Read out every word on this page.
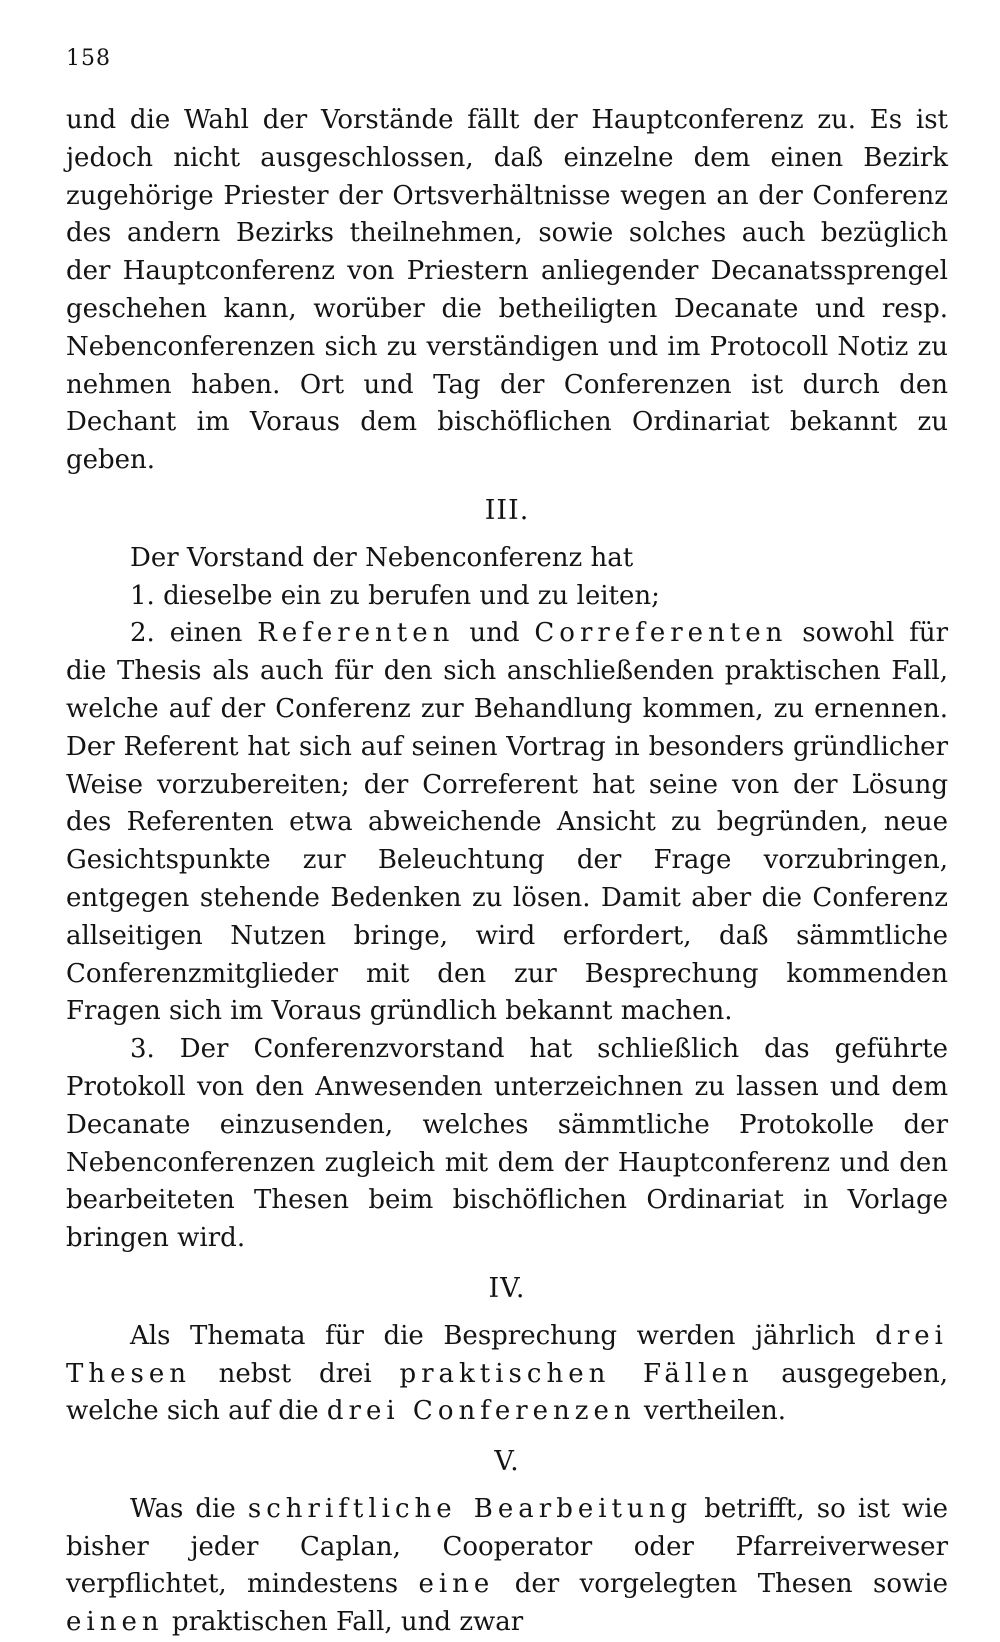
158

und die Wahl der Vorstände fällt der Hauptconferenz zu. Es ist jedoch nicht ausgeschlossen, daß einzelne dem einen Bezirk zugehörige Priester der Ortsverhältnisse wegen an der Conferenz des andern Bezirks theilnehmen, sowie solches auch bezüglich der Hauptconferenz von Priestern anliegender Decanatssprengel geschehen kann, worüber die betheiligten Decanate und resp. Nebenconferenzen sich zu verständigen und im Protocoll Notiz zu nehmen haben. Ort und Tag der Conferenzen ist durch den Dechant im Voraus dem bischöflichen Ordinariat bekannt zu geben.

III.

Der Vorstand der Nebenconferenz hat

1. dieselbe ein zu berufen und zu leiten;

2. einen Referenten und Correferenten sowohl für die Thesis als auch für den sich anschließenden praktischen Fall, welche auf der Conferenz zur Behandlung kommen, zu ernennen. Der Referent hat sich auf seinen Vortrag in besonders gründlicher Weise vorzubereiten; der Correferent hat seine von der Lösung des Referenten etwa abweichende Ansicht zu begründen, neue Gesichtspunkte zur Beleuchtung der Frage vorzubringen, entgegen stehende Bedenken zu lösen. Damit aber die Conferenz allseitigen Nutzen bringe, wird erfordert, daß sämmtliche Conferenzmitglieder mit den zur Besprechung kommenden Fragen sich im Voraus gründlich bekannt machen.

3. Der Conferenzvorstand hat schließlich das geführte Protokoll von den Anwesenden unterzeichnen zu lassen und dem Decanate einzusenden, welches sämmtliche Protokolle der Nebenconferenzen zugleich mit dem der Hauptconferenz und den bearbeiteten Thesen beim bischöflichen Ordinariat in Vorlage bringen wird.

IV.

Als Themata für die Besprechung werden jährlich drei Thesen nebst drei praktischen Fällen ausgegeben, welche sich auf die drei Conferenzen vertheilen.

V.

Was die schriftliche Bearbeitung betrifft, so ist wie bisher jeder Caplan, Cooperator oder Pfarreiverweser verpflichtet, mindestens eine der vorgelegten Thesen sowie einen praktischen Fall, und zwar
